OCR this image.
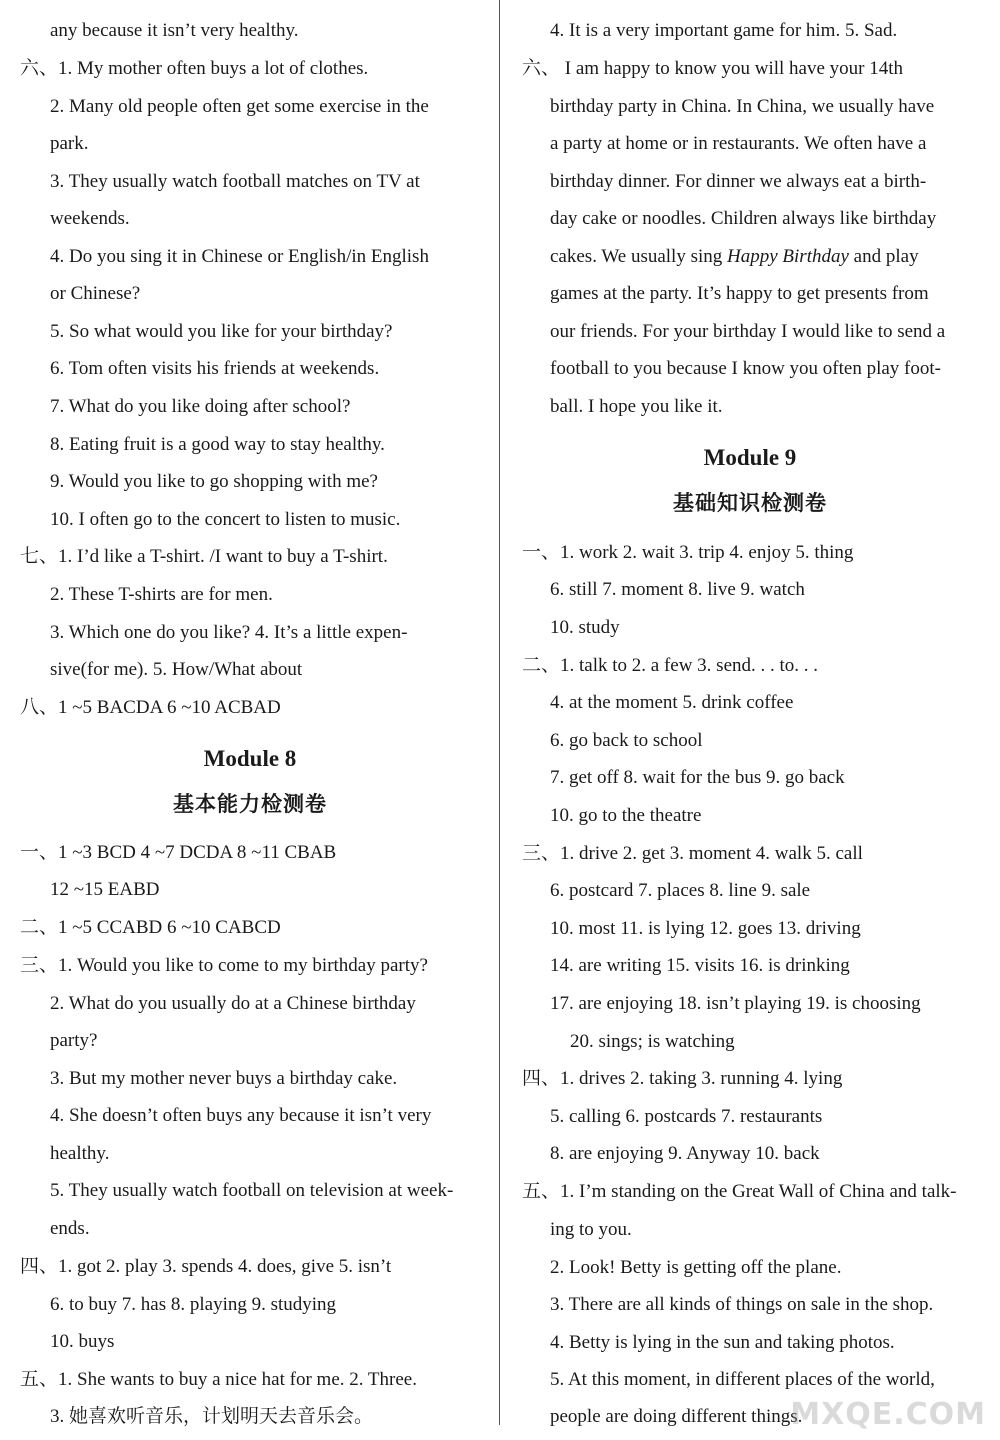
any because it isn’t very healthy.
六、1. My mother often buys a lot of clothes.
2. Many old people often get some exercise in the
park.
3. They usually watch football matches on TV at
weekends.
4. Do you sing it in Chinese or English/in English
or Chinese?
5. So what would you like for your birthday?
6. Tom often visits his friends at weekends.
7. What do you like doing after school?
8. Eating fruit is a good way to stay healthy.
9. Would you like to go shopping with me?
10. I often go to the concert to listen to music.
七、1. I’d like a T-shirt. /I want to buy a T-shirt.
2. These T-shirts are for men.
3. Which one do you like? 4. It’s a little expen-
sive(for me). 5. How/What about
八、1 ~5 BACDA 6 ~10 ACBAD
Module 8
基本能力检测卷
一、1 ~3 BCD 4 ~7 DCDA 8 ~11 CBAB
12 ~15 EABD
二、1 ~5 CCABD 6 ~10 CABCD
三、1. Would you like to come to my birthday party?
2. What do you usually do at a Chinese birthday
party?
3. But my mother never buys a birthday cake.
4. She doesn’t often buys any because it isn’t very
healthy.
5. They usually watch football on television at week-
ends.
四、1. got 2. play 3. spends 4. does, give 5. isn’t
6. to buy 7. has 8. playing 9. studying
10. buys
五、1. She wants to buy a nice hat for me. 2. Three.
3. 她喜欢听音乐，计划明天去音乐会。
4. It is a very important game for him. 5. Sad.
六、 I am happy to know you will have your 14th
birthday party in China. In China, we usually have
a party at home or in restaurants. We often have a
birthday dinner. For dinner we always eat a birth-
day cake or noodles. Children always like birthday
cakes. We usually sing Happy Birthday and play
games at the party. It’s happy to get presents from
our friends. For your birthday I would like to send a
football to you because I know you often play foot-
ball. I hope you like it.
Module 9
基础知识检测卷
一、1. work 2. wait 3. trip 4. enjoy 5. thing
6. still 7. moment 8. live 9. watch
10. study
二、1. talk to 2. a few 3. send. . . to. . .
4. at the moment 5. drink coffee
6. go back to school
7. get off 8. wait for the bus 9. go back
10. go to the theatre
三、1. drive 2. get 3. moment 4. walk 5. call
6. postcard 7. places 8. line 9. sale
10. most 11. is lying 12. goes 13. driving
14. are writing 15. visits 16. is drinking
17. are enjoying 18. isn’t playing 19. is choosing
20. sings; is watching
四、1. drives 2. taking 3. running 4. lying
5. calling 6. postcards 7. restaurants
8. are enjoying 9. Anyway 10. back
五、1. I’m standing on the Great Wall of China and talk-
ing to you.
2. Look! Betty is getting off the plane.
3. There are all kinds of things on sale in the shop.
4. Betty is lying in the sun and taking photos.
5. At this moment, in different places of the world,
people are doing different things.
MXQE.COM
